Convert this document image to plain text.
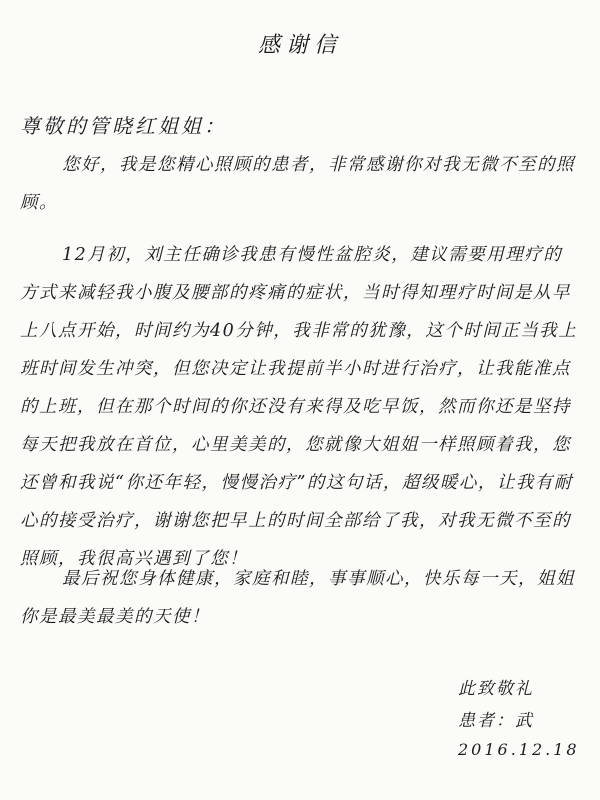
感谢信
尊敬的管晓红姐姐：
您好，我是您精心照顾的患者，非常感谢你对我无微不至的照顾。
12月初，刘主任确诊我患有慢性盆腔炎，建议需要用理疗的方式来减轻我小腹及腰部的疼痛的症状，当时得知理疗时间是从早上八点开始，时间约为40分钟，我非常的犹豫，这个时间正当我上班时间发生冲突，但您决定让我提前半小时进行治疗，让我能准点的上班，但在那个时间的你还没有来得及吃早饭，然而你还是坚持每天把我放在首位，心里美美的，您就像大姐姐一样照顾着我，您还曾和我说“你还年轻，慢慢治疗”的这句话，超级暖心，让我有耐心的接受治疗，谢谢您把早上的时间全部给了我，对我无微不至的照顾，我很高兴遇到了您！
最后祝您身体健康，家庭和睦，事事顺心，快乐每一天，姐姐你是最美最美的天使！
此致敬礼
患者：武
2016.12.18
